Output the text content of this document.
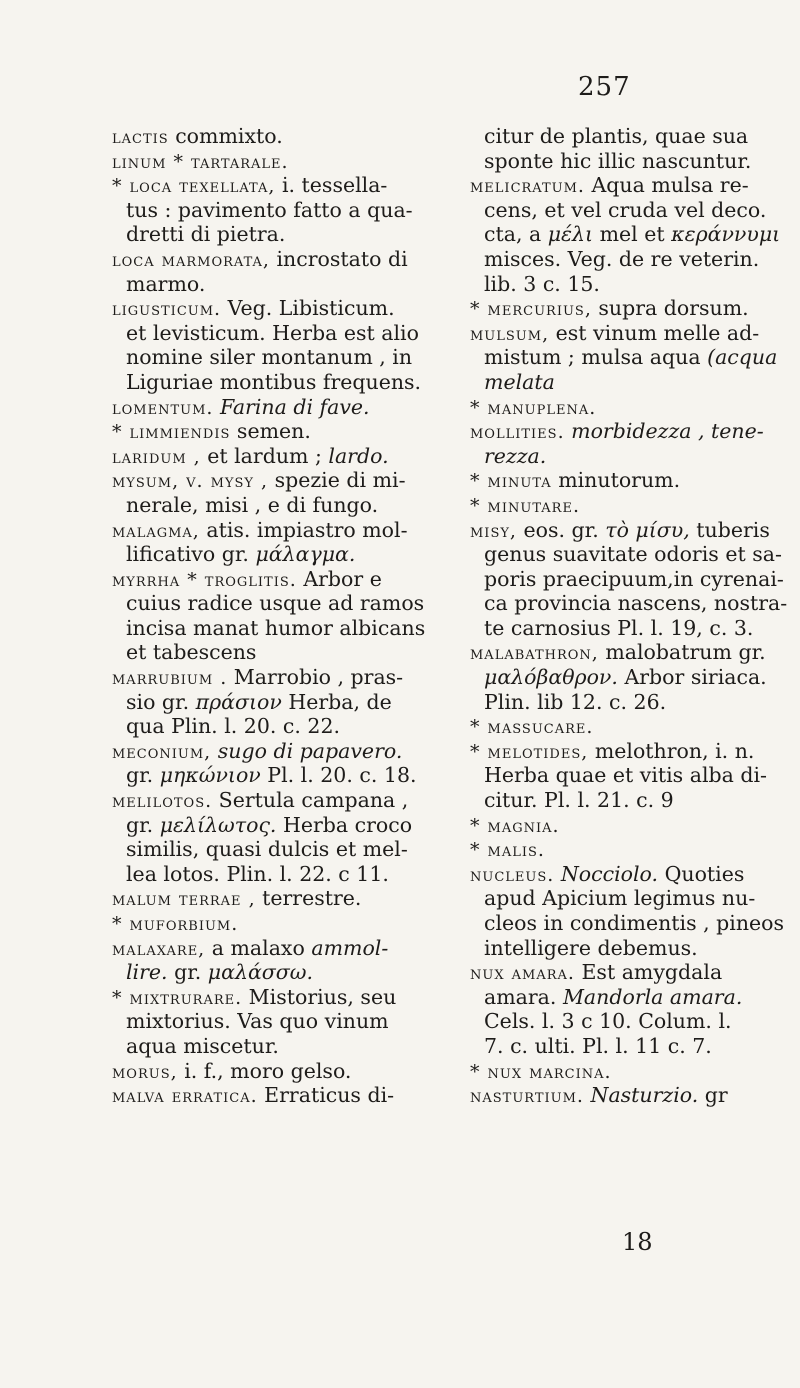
257
lactis commixto.
linum * tartarale.
* loca texellata, i. tessella-
tus : pavimento fatto a qua-
dretti di pietra.
loca marmorata, incrostato di
marmo.
ligusticum. Veg. Libisticum.
et levisticum. Herba est alio
nomine siler montanum , in
Liguriae montibus frequens.
lomentum. Farina di fave.
* limmiendis semen.
laridum , et lardum ; lardo.
mysum, v. mysy , spezie di mi-
nerale, misi , e di fungo.
malagma, atis. impiastro mol-
lificativo gr. μάλαγμα.
myrrha * troglitis. Arbor e
cuius radice usque ad ramos
incisa manat humor albicans
et tabescens
marrubium . Marrobio , pras-
sio gr. πράσιον Herba, de
qua Plin. l. 20. c. 22.
meconium, sugo di papavero.
gr. μηκώνιον Pl. l. 20. c. 18.
melilotos. Sertula campana ,
gr. μελίλωτος. Herba croco
similis, quasi dulcis et mel-
lea lotos. Plin. l. 22. c 11.
malum terrae , terrestre.
* muforbium.
malaxare, a malaxo ammol-
lire. gr. μαλάσσω.
* mixtrurare. Mistorius, seu
mixtorius. Vas quo vinum
aqua miscetur.
morus, i. f., moro gelso.
malva erratica. Erraticus di-
citur de plantis, quae sua
sponte hic illic nascuntur.
melicratum. Aqua mulsa re-
cens, et vel cruda vel deco.
cta, a μέλι mel et κεράννυμι
misces. Veg. de re veterin.
lib. 3 c. 15.
* mercurius, supra dorsum.
mulsum, est vinum melle ad-
mistum ; mulsa aqua (acqua
melata
* manuplena.
mollities. morbidezza , tene-
rezza.
* minuta minutorum.
* minutare.
misy, eos. gr. τὸ μίσυ, tuberis
genus suavitate odoris et sa-
poris praecipuum,in cyrenai-
ca provincia nascens, nostra-
te carnosius Pl. l. 19, c. 3.
malabathron, malobatrum gr.
μαλόβαθρον. Arbor siriaca.
Plin. lib 12. c. 26.
* massucare.
* melotides, melothron, i. n.
Herba quae et vitis alba di-
citur. Pl. l. 21. c. 9
* magnia.
* malis.
nucleus. Nocciolo. Quoties
apud Apicium legimus nu-
cleos in condimentis , pineos
intelligere debemus.
nux amara. Est amygdala
amara. Mandorla amara.
Cels. l. 3 c 10. Colum. l.
7. c. ulti. Pl. l. 11 c. 7.
* nux marcina.
nasturtium. Nasturzio. gr
18
